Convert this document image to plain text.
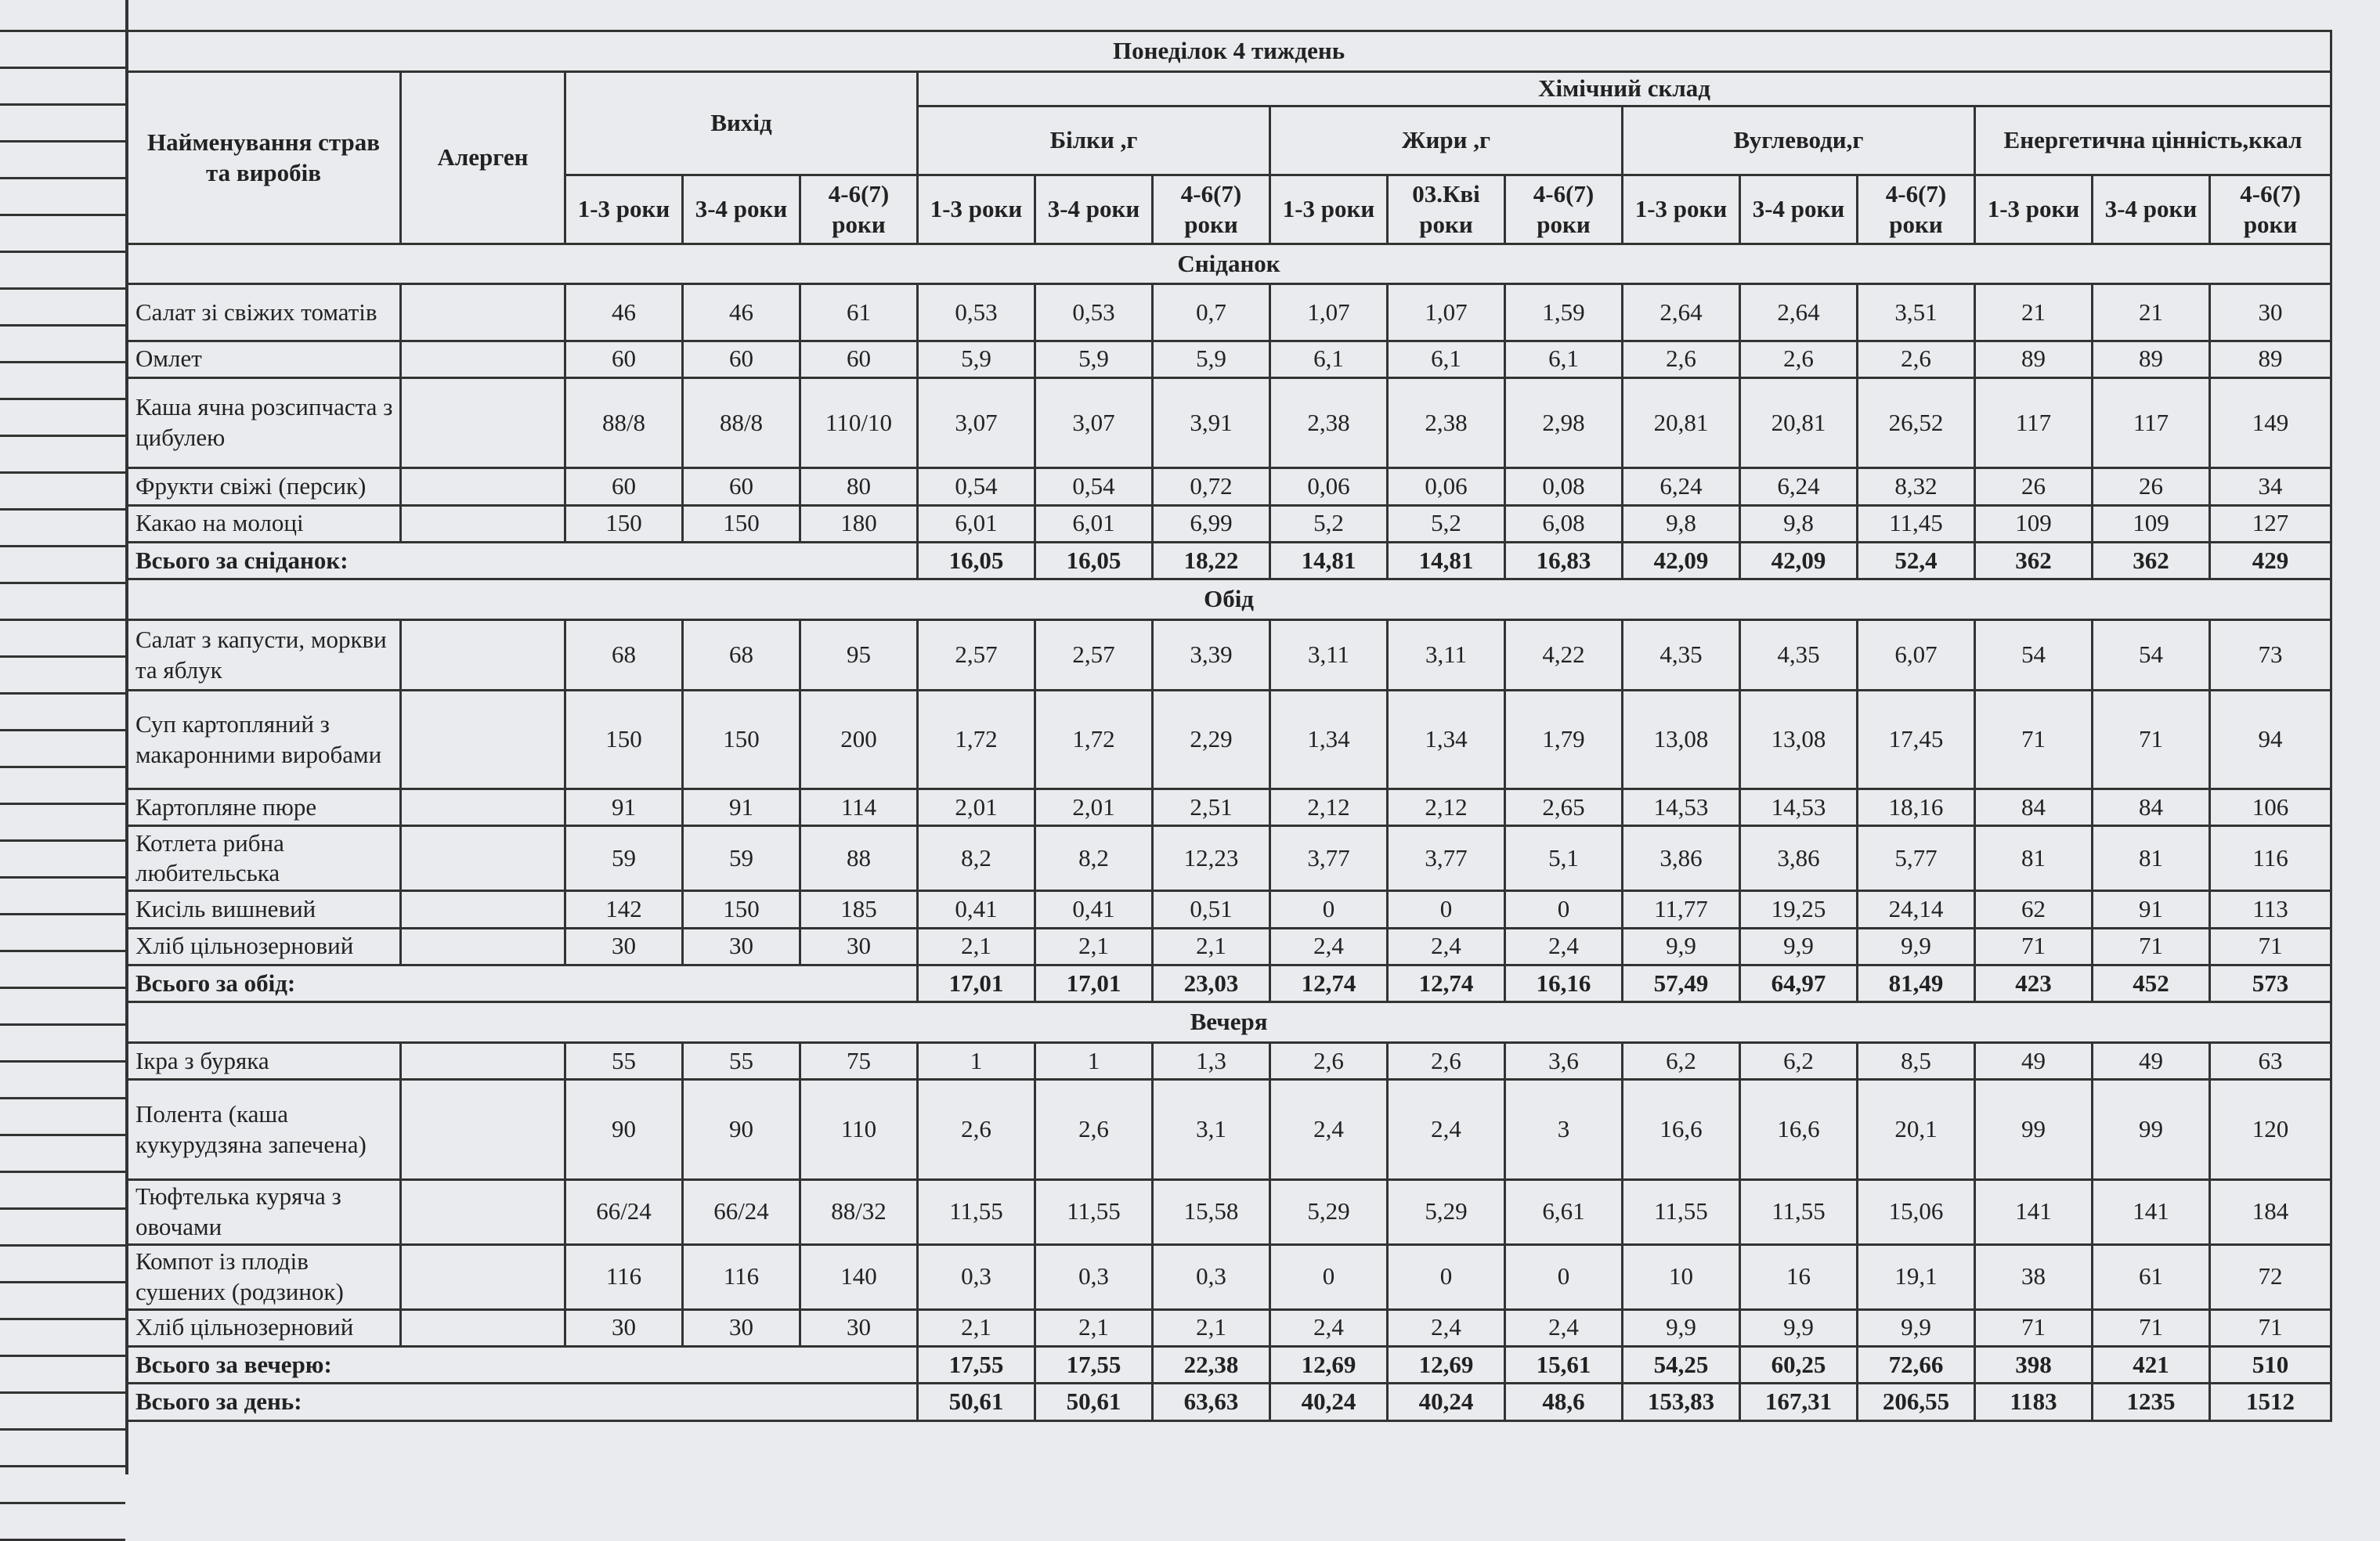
Понеділок 4 тиждень																
Найменування страв та виробів	Алерген	Вихід			Хімічний склад											
					Білки ,г			Жири ,г			Вуглеводи,г			Енергетична цінність,ккал		
		1-3 роки	3-4 роки	4-6(7) роки	1-3 роки	3-4 роки	4-6(7) роки	1-3 роки	03.Кві роки	4-6(7) роки	1-3 роки	3-4 роки	4-6(7) роки	1-3 роки	3-4 роки	4-6(7) роки
Сніданок																
Салат зі свіжих томатів		46	46	61	0,53	0,53	0,7	1,07	1,07	1,59	2,64	2,64	3,51	21	21	30
Омлет		60	60	60	5,9	5,9	5,9	6,1	6,1	6,1	2,6	2,6	2,6	89	89	89
Каша ячна розсипчаста з цибулею		88/8	88/8	110/10	3,07	3,07	3,91	2,38	2,38	2,98	20,81	20,81	26,52	117	117	149
Фрукти свіжі (персик)		60	60	80	0,54	0,54	0,72	0,06	0,06	0,08	6,24	6,24	8,32	26	26	34
Какао на молоці		150	150	180	6,01	6,01	6,99	5,2	5,2	6,08	9,8	9,8	11,45	109	109	127
Всього за сніданок:					16,05	16,05	18,22	14,81	14,81	16,83	42,09	42,09	52,4	362	362	429
Обід																
Салат з капусти, моркви та яблук		68	68	95	2,57	2,57	3,39	3,11	3,11	4,22	4,35	4,35	6,07	54	54	73
Суп картопляний з макаронними виробами		150	150	200	1,72	1,72	2,29	1,34	1,34	1,79	13,08	13,08	17,45	71	71	94
Картопляне пюре		91	91	114	2,01	2,01	2,51	2,12	2,12	2,65	14,53	14,53	18,16	84	84	106
Котлета рибна любительська		59	59	88	8,2	8,2	12,23	3,77	3,77	5,1	3,86	3,86	5,77	81	81	116
Кисіль вишневий		142	150	185	0,41	0,41	0,51	0	0	0	11,77	19,25	24,14	62	91	113
Хліб цільнозерновий		30	30	30	2,1	2,1	2,1	2,4	2,4	2,4	9,9	9,9	9,9	71	71	71
Всього за обід:					17,01	17,01	23,03	12,74	12,74	16,16	57,49	64,97	81,49	423	452	573
Вечеря																
Ікра з буряка		55	55	75	1	1	1,3	2,6	2,6	3,6	6,2	6,2	8,5	49	49	63
Полента (каша кукурудзяна запечена)		90	90	110	2,6	2,6	3,1	2,4	2,4	3	16,6	16,6	20,1	99	99	120
Тюфтелька куряча з овочами		66/24	66/24	88/32	11,55	11,55	15,58	5,29	5,29	6,61	11,55	11,55	15,06	141	141	184
Компот із плодів сушених (родзинок)		116	116	140	0,3	0,3	0,3	0	0	0	10	16	19,1	38	61	72
Хліб цільнозерновий		30	30	30	2,1	2,1	2,1	2,4	2,4	2,4	9,9	9,9	9,9	71	71	71
Всього за вечерю:					17,55	17,55	22,38	12,69	12,69	15,61	54,25	60,25	72,66	398	421	510
Всього за день:					50,61	50,61	63,63	40,24	40,24	48,6	153,83	167,31	206,55	1183	1235	1512
